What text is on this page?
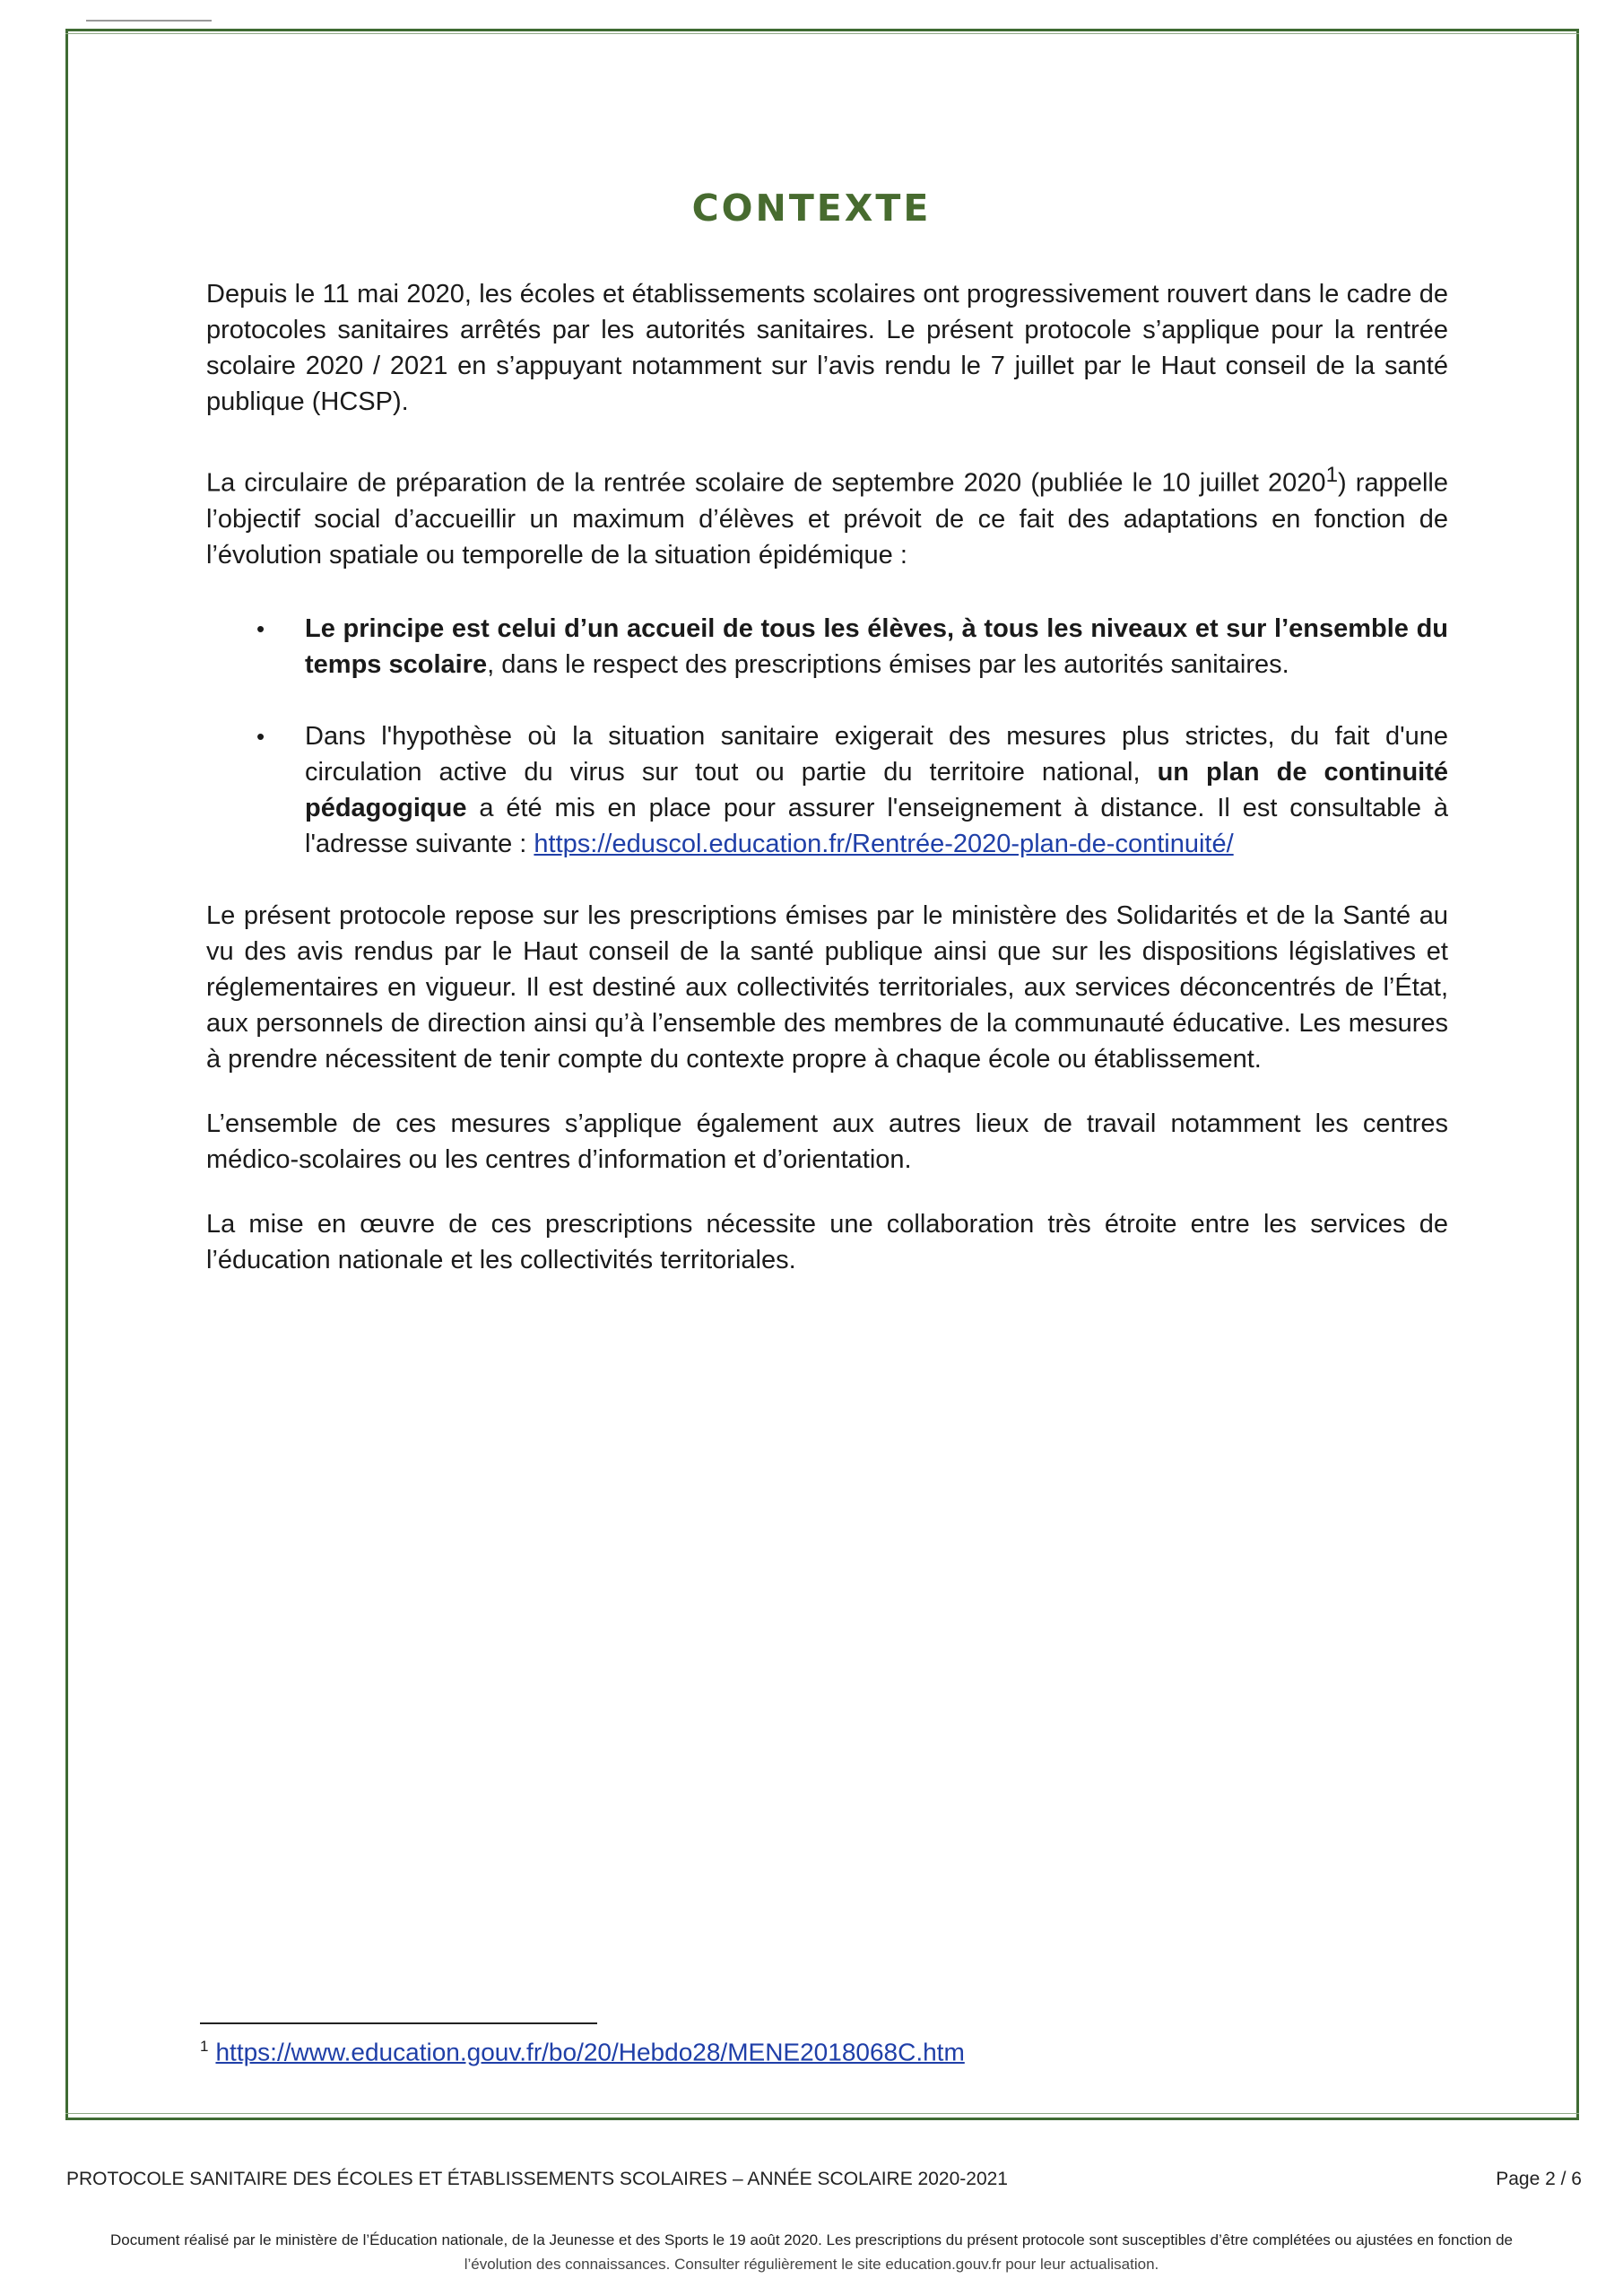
CONTEXTE

Depuis le 11 mai 2020, les écoles et établissements scolaires ont progressivement rouvert dans le cadre de protocoles sanitaires arrêtés par les autorités sanitaires. Le présent protocole s’applique pour la rentrée scolaire 2020 / 2021 en s’appuyant notamment sur l’avis rendu le 7 juillet par le Haut conseil de la santé publique (HCSP).

La circulaire de préparation de la rentrée scolaire de septembre 2020 (publiée le 10 juillet 2020$^1$) rappelle l’objectif social d’accueillir un maximum d’élèves et prévoit de ce fait des adaptations en fonction de l’évolution spatiale ou temporelle de la situation épidémique :

• Le principe est celui d’un accueil de tous les élèves, à tous les niveaux et sur l’ensemble du temps scolaire, dans le respect des prescriptions émises par les autorités sanitaires.
• Dans l'hypothèse où la situation sanitaire exigerait des mesures plus strictes, du fait d'une circulation active du virus sur tout ou partie du territoire national, un plan de continuité pédagogique a été mis en place pour assurer l'enseignement à distance. Il est consultable à l'adresse suivante : https://eduscol.education.fr/Rentrée-2020-plan-de-continuité/

Le présent protocole repose sur les prescriptions émises par le ministère des Solidarités et de la Santé au vu des avis rendus par le Haut conseil de la santé publique ainsi que sur les dispositions législatives et réglementaires en vigueur. Il est destiné aux collectivités territoriales, aux services déconcentrés de l’État, aux personnels de direction ainsi qu’à l’ensemble des membres de la communauté éducative. Les mesures à prendre nécessitent de tenir compte du contexte propre à chaque école ou établissement.

L’ensemble de ces mesures s’applique également aux autres lieux de travail notamment les centres médico-scolaires ou les centres d’information et d’orientation.

La mise en œuvre de ces prescriptions nécessite une collaboration très étroite entre les services de l’éducation nationale et les collectivités territoriales.

$^1$ https://www.education.gouv.fr/bo/20/Hebdo28/MENE2018068C.htm
PROTOCOLE SANITAIRE DES ÉCOLES ET ÉTABLISSEMENTS SCOLAIRES – ANNÉE SCOLAIRE 2020-2021	Page 2 / 6
Document réalisé par le ministère de l’Éducation nationale, de la Jeunesse et des Sports le 19 août 2020. Les prescriptions du présent protocole sont susceptibles d’être complétées ou ajustées en fonction de
l’évolution des connaissances. Consulter régulièrement le site education.gouv.fr pour leur actualisation.
